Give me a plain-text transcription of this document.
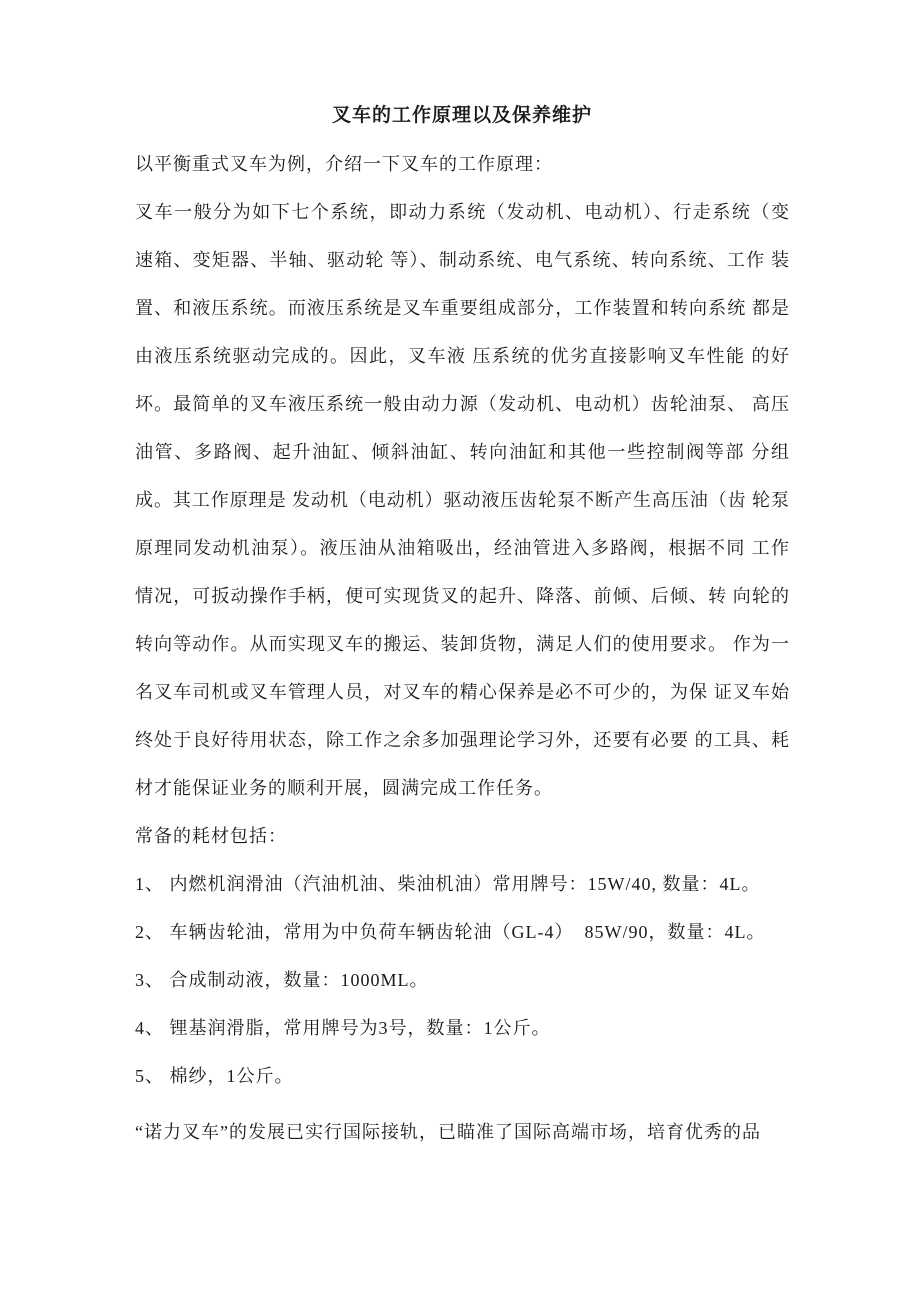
叉车的工作原理以及保养维护
以平衡重式叉车为例，介绍一下叉车的工作原理：
叉车一般分为如下七个系统，即动力系统（发动机、电动机）、行走系统（变
速箱、变矩器、半轴、驱动轮 等）、制动系统、电气系统、转向系统、工作 装
置、和液压系统。而液压系统是叉车重要组成部分，工作装置和转向系统 都是
由液压系统驱动完成的。因此，叉车液 压系统的优劣直接影响叉车性能 的好
坏。最简单的叉车液压系统一般由动力源（发动机、电动机）齿轮油泵、 高压
油管、多路阀、起升油缸、倾斜油缸、转向油缸和其他一些控制阀等部 分组
成。其工作原理是 发动机（电动机）驱动液压齿轮泵不断产生高压油（齿 轮泵
原理同发动机油泵）。液压油从油箱吸出，经油管进入多路阀，根据不同 工作
情况，可扳动操作手柄，便可实现货叉的起升、降落、前倾、后倾、转 向轮的
转向等动作。从而实现叉车的搬运、装卸货物，满足人们的使用要求。 作为一
名叉车司机或叉车管理人员，对叉车的精心保养是必不可少的，为保 证叉车始
终处于良好待用状态，除工作之余多加强理论学习外，还要有必要 的工具、耗
材才能保证业务的顺利开展，圆满完成工作任务。
常备的耗材包括：
1、 内燃机润滑油（汽油机油、柴油机油）常用牌号：15W/40, 数量：4L。
2、 车辆齿轮油，常用为中负荷车辆齿轮油（GL-4）  85W/90，数量：4L。
3、 合成制动液，数量：1000ML。
4、 锂基润滑脂，常用牌号为3号，数量：1公斤。
5、 棉纱，1公斤。
“诺力叉车”的发展已实行国际接轨，已瞄准了国际高端市场，培育优秀的品
